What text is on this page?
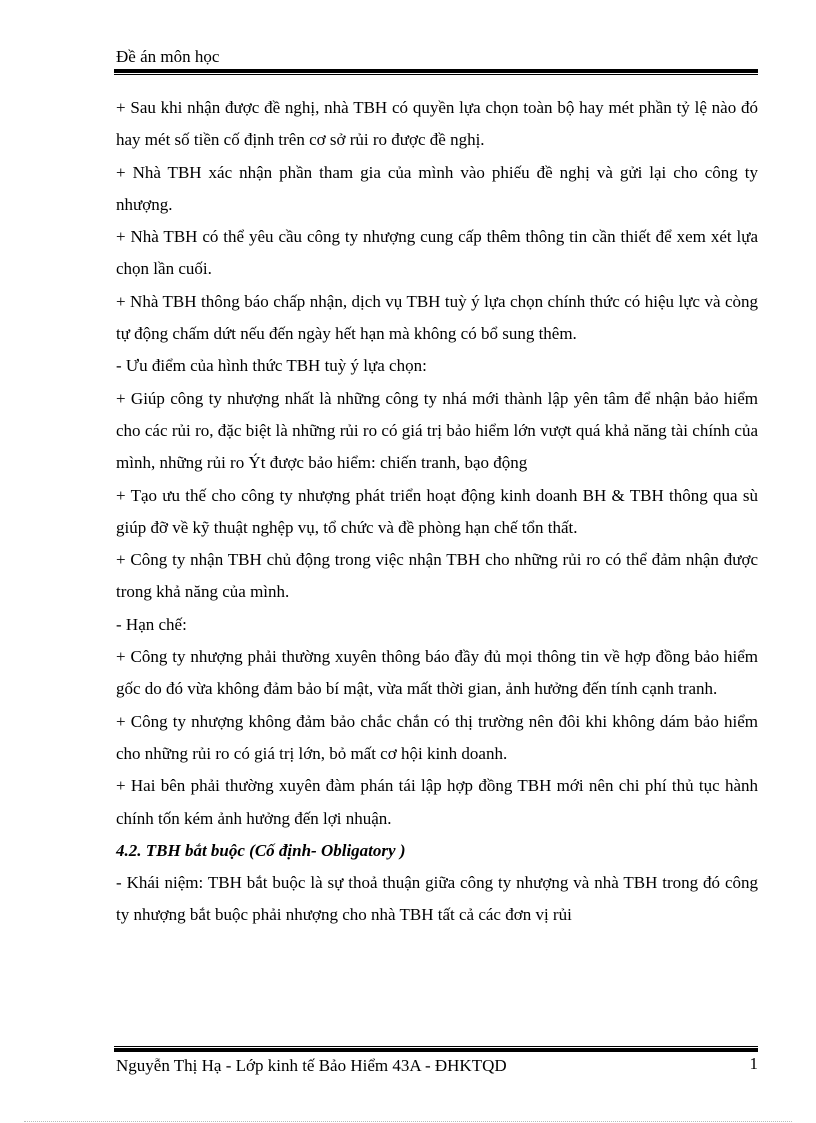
Đề án môn học

+ Sau khi nhận được đề nghị, nhà TBH có quyền lựa chọn toàn bộ hay mét phần tỷ lệ nào đó hay mét số tiền cố định trên cơ sở rủi ro được đề nghị.

+ Nhà TBH xác nhận phần tham gia của mình vào phiếu đề nghị và gửi lại cho công ty nhượng.

+ Nhà TBH có thể yêu cầu công ty nhượng cung cấp thêm thông tin cần thiết để xem xét lựa chọn lần cuối.

+ Nhà TBH thông báo chấp nhận, dịch vụ TBH tuỳ ý lựa chọn chính thức có hiệu lực và còng tự động chấm dứt nếu đến ngày hết hạn mà không có bổ sung thêm.

- Ưu điểm của hình thức TBH tuỳ ý lựa chọn:

+ Giúp công ty nhượng nhất là những công ty nhá mới thành lập yên tâm để nhận bảo hiểm cho các rủi ro, đặc biệt là những rủi ro có giá trị bảo hiểm lớn vượt quá khả năng tài chính của mình, những rủi ro Ýt được bảo hiểm: chiến tranh, bạo động

+ Tạo ưu thế cho công ty nhượng phát triển hoạt động kinh doanh BH & TBH thông qua sù giúp đỡ về kỹ thuật nghệp vụ, tổ chức và đề phòng hạn chế tổn thất.

+ Công ty nhận TBH chủ động trong việc nhận TBH cho những rủi ro có thể đảm nhận được trong khả năng của mình.

- Hạn chế:

+ Công ty nhượng phải thường xuyên thông báo đầy đủ mọi thông tin về hợp đồng bảo hiểm gốc do đó vừa không đảm bảo bí mật, vừa mất thời gian, ảnh hưởng đến tính cạnh tranh.

+ Công ty nhượng không đảm bảo chắc chắn có thị trường nên đôi khi không dám bảo hiểm cho những rủi ro có giá trị lớn, bỏ mất cơ hội kinh doanh.

+ Hai bên phải thường xuyên đàm phán tái lập hợp đồng TBH mới nên chi phí thủ tục hành chính tốn kém ảnh hưởng đến lợi nhuận.

4.2. TBH bắt buộc (Cố định- Obligatory )

- Khái niệm: TBH bắt buộc là sự thoả thuận giữa công ty nhượng và nhà TBH trong đó công ty nhượng bắt buộc phải nhượng cho nhà TBH tất cả các đơn vị rủi

Nguyễn Thị Hạ - Lớp kinh tế Bảo Hiểm 43A - ĐHKTQD	1
